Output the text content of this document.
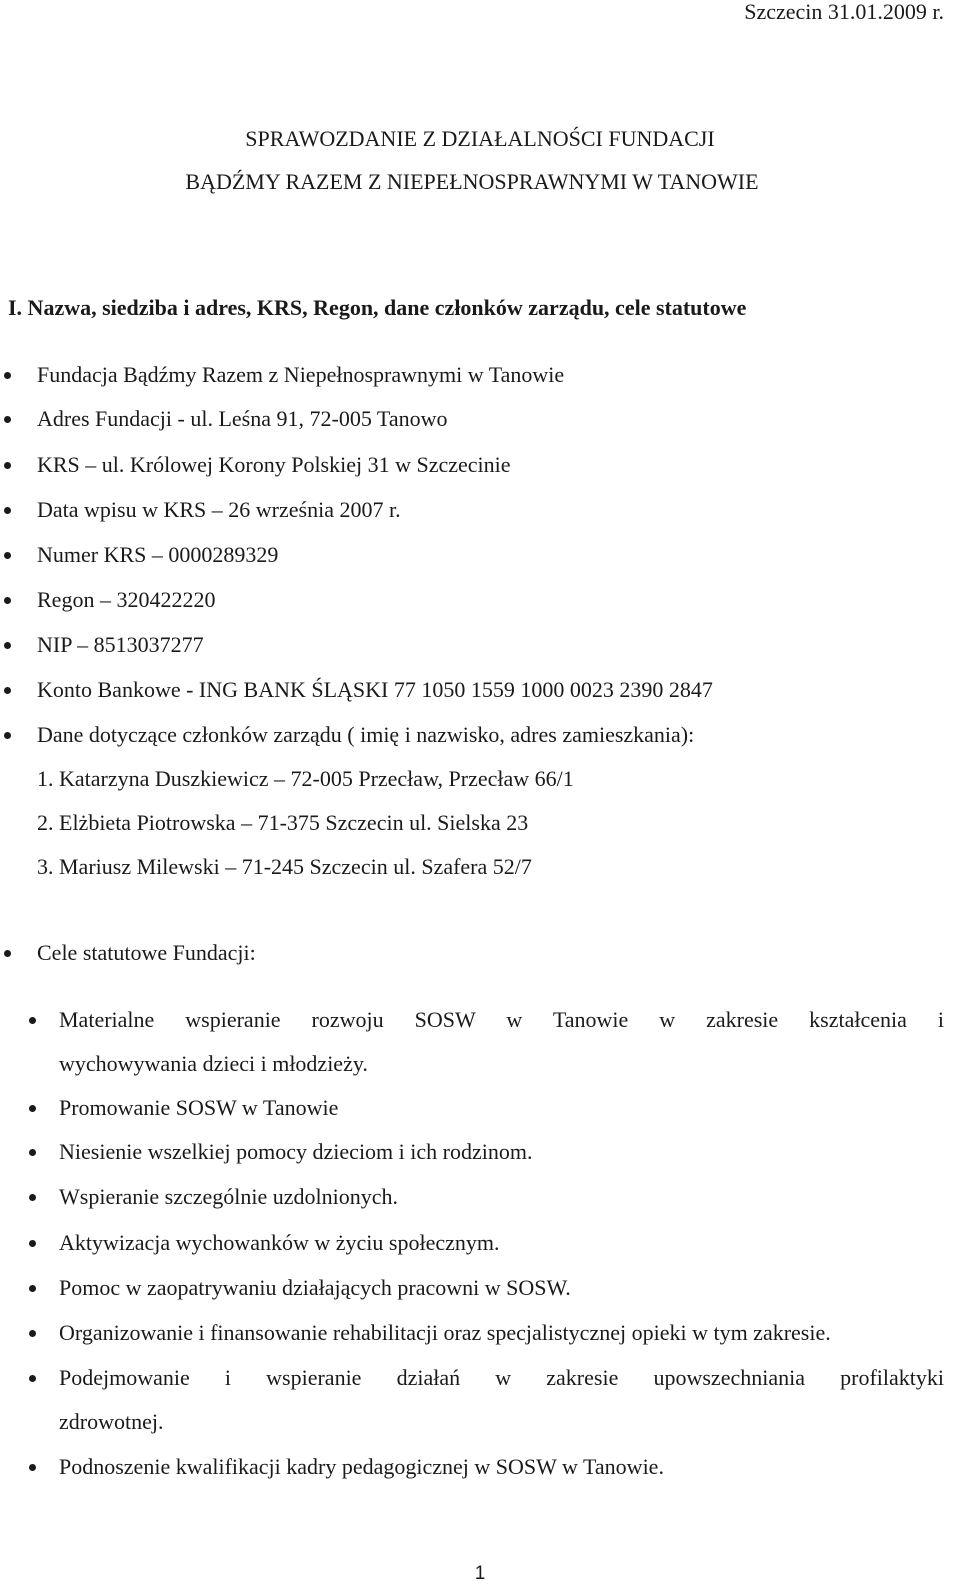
Szczecin 31.01.2009 r.
SPRAWOZDANIE Z DZIAŁALNOŚCI FUNDACJI
BĄDŹMY RAZEM Z NIEPEŁNOSPRAWNYMI W TANOWIE
I. Nazwa, siedziba i adres, KRS, Regon, dane członków zarządu, cele statutowe
Fundacja Bądźmy Razem z Niepełnosprawnymi w Tanowie
Adres Fundacji - ul. Leśna 91, 72-005 Tanowo
KRS – ul. Królowej Korony Polskiej 31 w Szczecinie
Data wpisu w KRS – 26 września 2007 r.
Numer KRS – 0000289329
Regon – 320422220
NIP – 8513037277
Konto Bankowe - ING BANK ŚLĄSKI 77 1050 1559 1000 0023 2390 2847
Dane dotyczące członków zarządu ( imię i nazwisko, adres zamieszkania):
1. Katarzyna Duszkiewicz – 72-005 Przecław, Przecław 66/1
2. Elżbieta Piotrowska – 71-375 Szczecin ul. Sielska 23
3. Mariusz Milewski – 71-245 Szczecin ul. Szafera 52/7
Cele statutowe Fundacji:
Materialne wspieranie rozwoju SOSW w Tanowie w zakresie kształcenia i
wychowywania dzieci i młodzieży.
Promowanie SOSW w Tanowie
Niesienie wszelkiej pomocy dzieciom i ich rodzinom.
Wspieranie szczególnie uzdolnionych.
Aktywizacja wychowanków w życiu społecznym.
Pomoc w zaopatrywaniu działających pracowni w SOSW.
Organizowanie i finansowanie rehabilitacji oraz specjalistycznej opieki w tym zakresie.
Podejmowanie i wspieranie działań w zakresie upowszechniania profilaktyki
zdrowotnej.
Podnoszenie kwalifikacji kadry pedagogicznej w SOSW w Tanowie.
1
